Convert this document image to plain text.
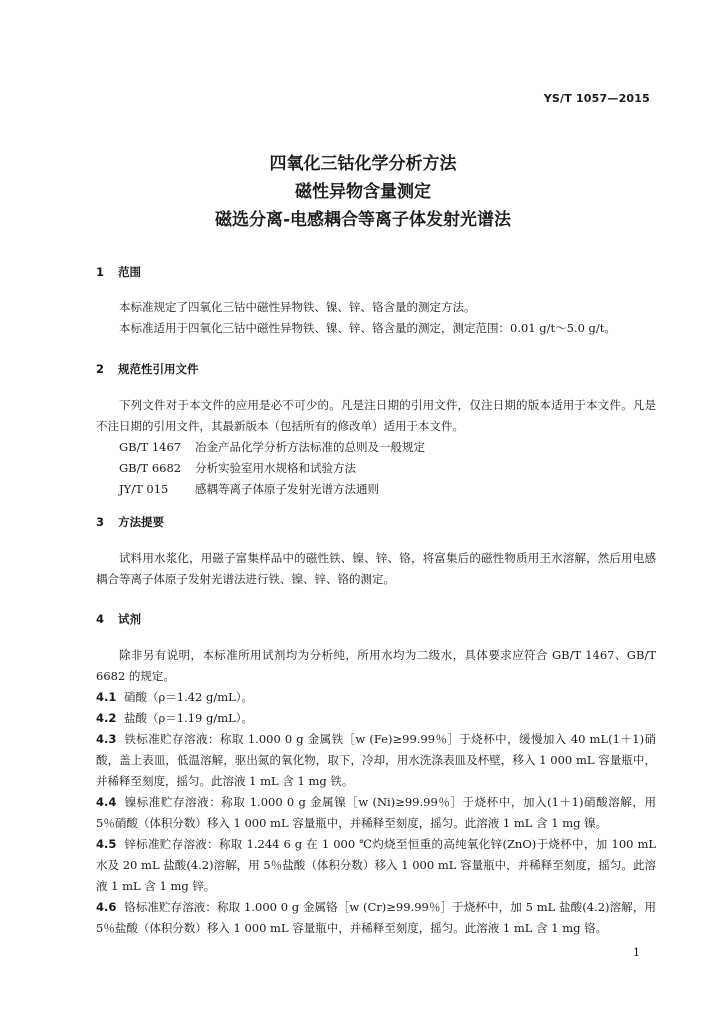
YS/T 1057—2015
四氧化三钴化学分析方法
磁性异物含量测定
磁选分离-电感耦合等离子体发射光谱法
1 范围
本标准规定了四氧化三钴中磁性异物铁、镍、锌、铬含量的测定方法。
本标准适用于四氧化三钴中磁性异物铁、镍、锌、铬含量的测定，测定范围：0.01 g/t～5.0 g/t。
2 规范性引用文件
下列文件对于本文件的应用是必不可少的。凡是注日期的引用文件，仅注日期的版本适用于本文件。凡是不注日期的引用文件，其最新版本（包括所有的修改单）适用于本文件。
GB/T 1467 冶金产品化学分析方法标准的总则及一般规定
GB/T 6682 分析实验室用水规格和试验方法
JY/T 015 感耦等离子体原子发射光谱方法通则
3 方法提要
试料用水浆化，用磁子富集样品中的磁性铁、镍、锌、铬，将富集后的磁性物质用王水溶解，然后用电感耦合等离子体原子发射光谱法进行铁、镍、锌、铬的测定。
4 试剂
除非另有说明，本标准所用试剂均为分析纯，所用水均为二级水，具体要求应符合 GB/T 1467、GB/T 6682 的规定。
4.1 硝酸（ρ＝1.42 g/mL）。
4.2 盐酸（ρ＝1.19 g/mL）。
4.3 铁标准贮存溶液：称取 1.000 0 g 金属铁［w (Fe)≥99.99％］于烧杯中，缓慢加入 40 mL(1＋1)硝酸，盖上表皿，低温溶解，驱出氮的氧化物，取下，冷却，用水洗涤表皿及杯壁，移入 1 000 mL 容量瓶中，并稀释至刻度，摇匀。此溶液 1 mL 含 1 mg 铁。
4.4 镍标准贮存溶液：称取 1.000 0 g 金属镍［w (Ni)≥99.99％］于烧杯中，加入(1＋1)硝酸溶解，用 5％硝酸（体积分数）移入 1 000 mL 容量瓶中，并稀释至刻度，摇匀。此溶液 1 mL 含 1 mg 镍。
4.5 锌标准贮存溶液：称取 1.244 6 g 在 1 000 ℃灼烧至恒重的高纯氧化锌(ZnO)于烧杯中，加 100 mL 水及 20 mL 盐酸(4.2)溶解，用 5％盐酸（体积分数）移入 1 000 mL 容量瓶中，并稀释至刻度，摇匀。此溶液 1 mL 含 1 mg 锌。
4.6 铬标准贮存溶液：称取 1.000 0 g 金属铬［w (Cr)≥99.99％］于烧杯中，加 5 mL 盐酸(4.2)溶解，用 5％盐酸（体积分数）移入 1 000 mL 容量瓶中，并稀释至刻度，摇匀。此溶液 1 mL 含 1 mg 铬。
1
